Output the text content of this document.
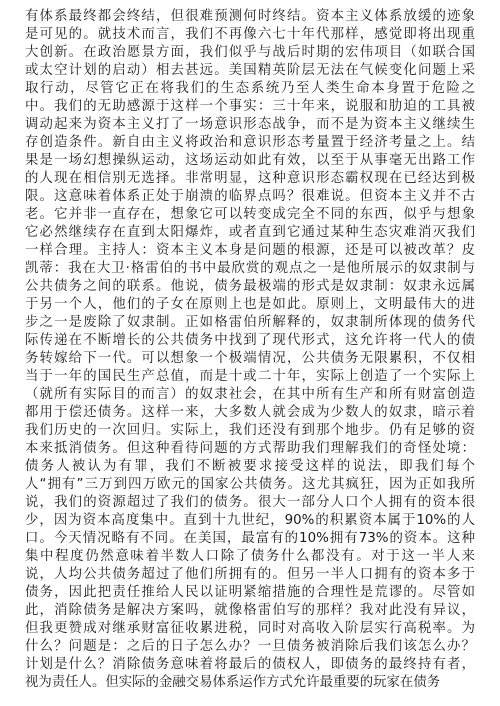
有体系最终都会终结，但很难预测何时终结。资本主义体系放缓的迹象
是可见的。就技术而言，我们不再像六七十年代那样，感觉即将出现重
大创新。在政治愿景方面，我们似乎与战后时期的宏伟项目（如联合国
或太空计划的启动）相去甚远。美国精英阶层无法在气候变化问题上采
取行动，尽管它正在将我们的生态系统乃至人类生命本身置于危险之
中。我们的无助感源于这样一个事实：三十年来，说服和肋迫的工具被
调动起来为资本主义打了一场意识形态战争，而不是为资本主义继续生
存创造条件。新自由主义将政治和意识形态考量置于经济考量之上。结
果是一场幻想操纵运动，这场运动如此有效，以至于从事毫无出路工作
的人现在相信别无选择。非常明显，这种意识形态霸权现在已经达到极
限。这意味着体系正处于崩溃的临界点吗？很难说。但资本主义并不古
老。它并非一直存在，想象它可以转变成完全不同的东西，似乎与想象
它必然继续存在直到太阳爆炸，或者直到它通过某种生态灾难消灭我们
一样合理。主持人：资本主义本身是问题的根源，还是可以被改革？皮
凯蒂：我在大卫·格雷伯的书中最欣赏的观点之一是他所展示的奴隶制与
公共债务之间的联系。他说，债务最极端的形式是奴隶制：奴隶永远属
于另一个人，他们的子女在原则上也是如此。原则上，文明最伟大的进
步之一是废除了奴隶制。正如格雷伯所解释的，奴隶制所体现的债务代
际传递在不断增长的公共债务中找到了现代形式，这允许将一代人的债
务转嫁给下一代。可以想象一个极端情况，公共债务无限累积，不仅相
当于一年的国民生产总值，而是十或二十年，实际上创造了一个实际上
（就所有实际目的而言）的奴隶社会，在其中所有生产和所有财富创造
都用于偿还债务。这样一来，大多数人就会成为少数人的奴隶，暗示着
我们历史的一次回归。实际上，我们还没有到那个地步。仍有足够的资
本来抵消债务。但这种看待问题的方式帮助我们理解我们的奇怪处境：
债务人被认为有罪，我们不断被要求接受这样的说法，即我们每个
人“拥有”三万到四万欧元的国家公共债务。这尤其疯狂，因为正如我所
说，我们的资源超过了我们的债务。很大一部分人口个人拥有的资本很
少，因为资本高度集中。直到十九世纪，90%的积累资本属于10%的人
口。今天情况略有不同。在美国，最富有的10%拥有73%的资本。这种
集中程度仍然意味着半数人口除了债务什么都没有。对于这一半人来
说，人均公共债务超过了他们所拥有的。但另一半人口拥有的资本多于
债务，因此把责任推给人民以证明紧缩措施的合理性是荒谬的。尽管如
此，消除债务是解决方案吗，就像格雷伯写的那样？我对此没有异议，
但我更赞成对继承财富征收累进税，同时对高收入阶层实行高税率。为
什么？问题是：之后的日子怎么办？一旦债务被消除后我们该怎么办？
计划是什么？消除债务意味着将最后的债权人，即债务的最终持有者，
视为责任人。但实际的金融交易体系运作方式允许最重要的玩家在债务
